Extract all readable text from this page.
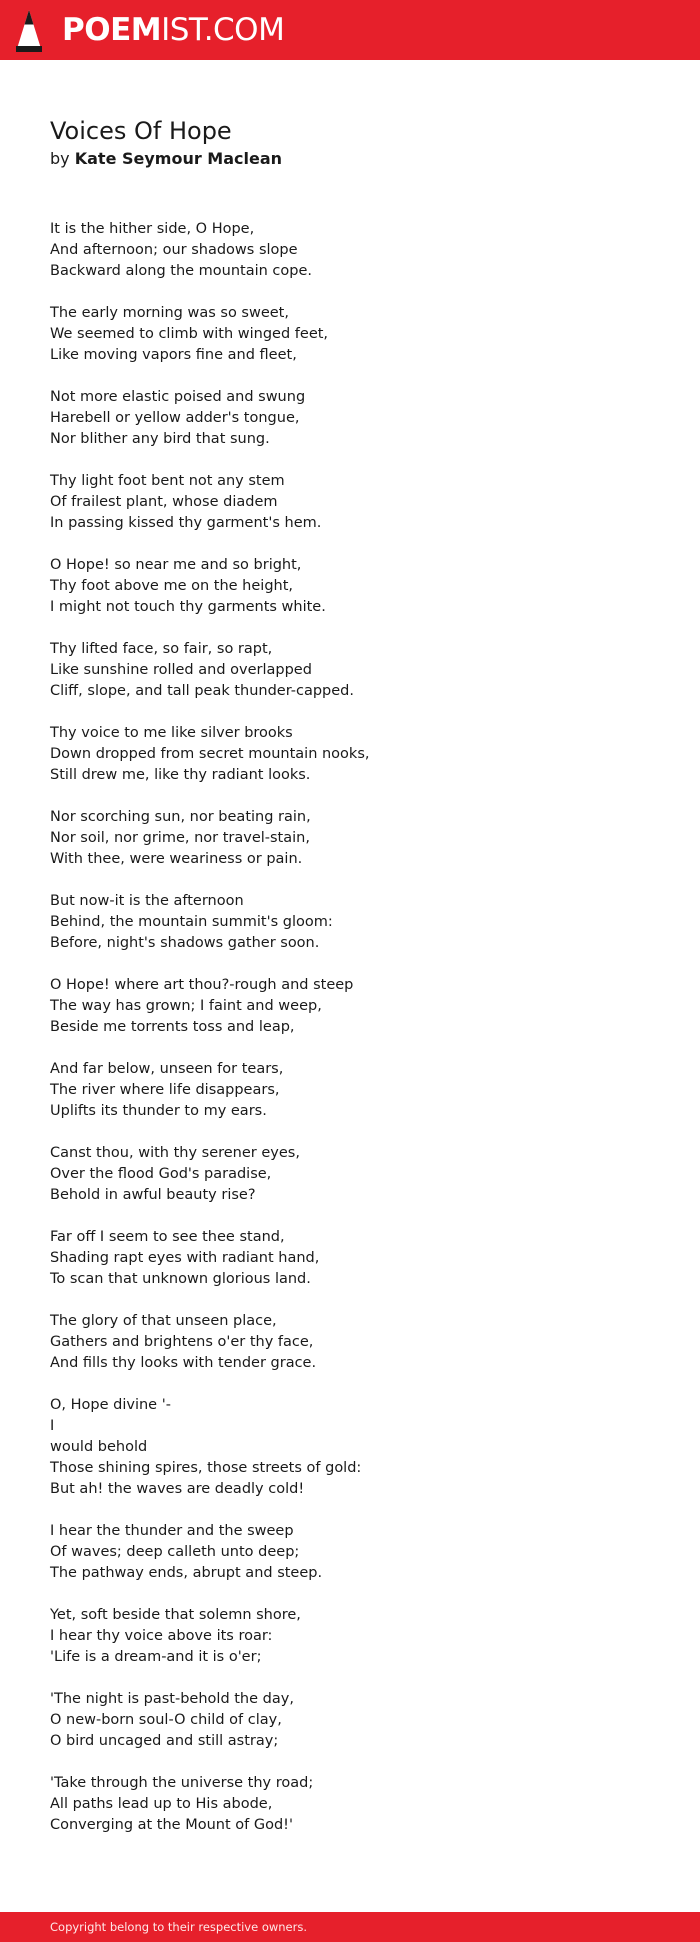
POEMIST.COM
Voices Of Hope
by Kate Seymour Maclean
It is the hither side, O Hope,
And afternoon; our shadows slope
Backward along the mountain cope.
The early morning was so sweet,
We seemed to climb with winged feet,
Like moving vapors fine and fleet,
Not more elastic poised and swung
Harebell or yellow adder's tongue,
Nor blither any bird that sung.
Thy light foot bent not any stem
Of frailest plant, whose diadem
In passing kissed thy garment's hem.
O Hope! so near me and so bright,
Thy foot above me on the height,
I might not touch thy garments white.
Thy lifted face, so fair, so rapt,
Like sunshine rolled and overlapped
Cliff, slope, and tall peak thunder-capped.
Thy voice to me like silver brooks
Down dropped from secret mountain nooks,
Still drew me, like thy radiant looks.
Nor scorching sun, nor beating rain,
Nor soil, nor grime, nor travel-stain,
With thee, were weariness or pain.
But now-it is the afternoon
Behind, the mountain summit's gloom:
Before, night's shadows gather soon.
O Hope! where art thou?-rough and steep
The way has grown; I faint and weep,
Beside me torrents toss and leap,
And far below, unseen for tears,
The river where life disappears,
Uplifts its thunder to my ears.
Canst thou, with thy serener eyes,
Over the flood God's paradise,
Behold in awful beauty rise?
Far off I seem to see thee stand,
Shading rapt eyes with radiant hand,
To scan that unknown glorious land.
The glory of that unseen place,
Gathers and brightens o'er thy face,
And fills thy looks with tender grace.
O, Hope divine '-
I
would behold
Those shining spires, those streets of gold:
But ah! the waves are deadly cold!
I hear the thunder and the sweep
Of waves; deep calleth unto deep;
The pathway ends, abrupt and steep.
Yet, soft beside that solemn shore,
I hear thy voice above its roar:
'Life is a dream-and it is o'er;
'The night is past-behold the day,
O new-born soul-O child of clay,
O bird uncaged and still astray;
'Take through the universe thy road;
All paths lead up to His abode,
Converging at the Mount of God!'
Copyright belong to their respective owners.
